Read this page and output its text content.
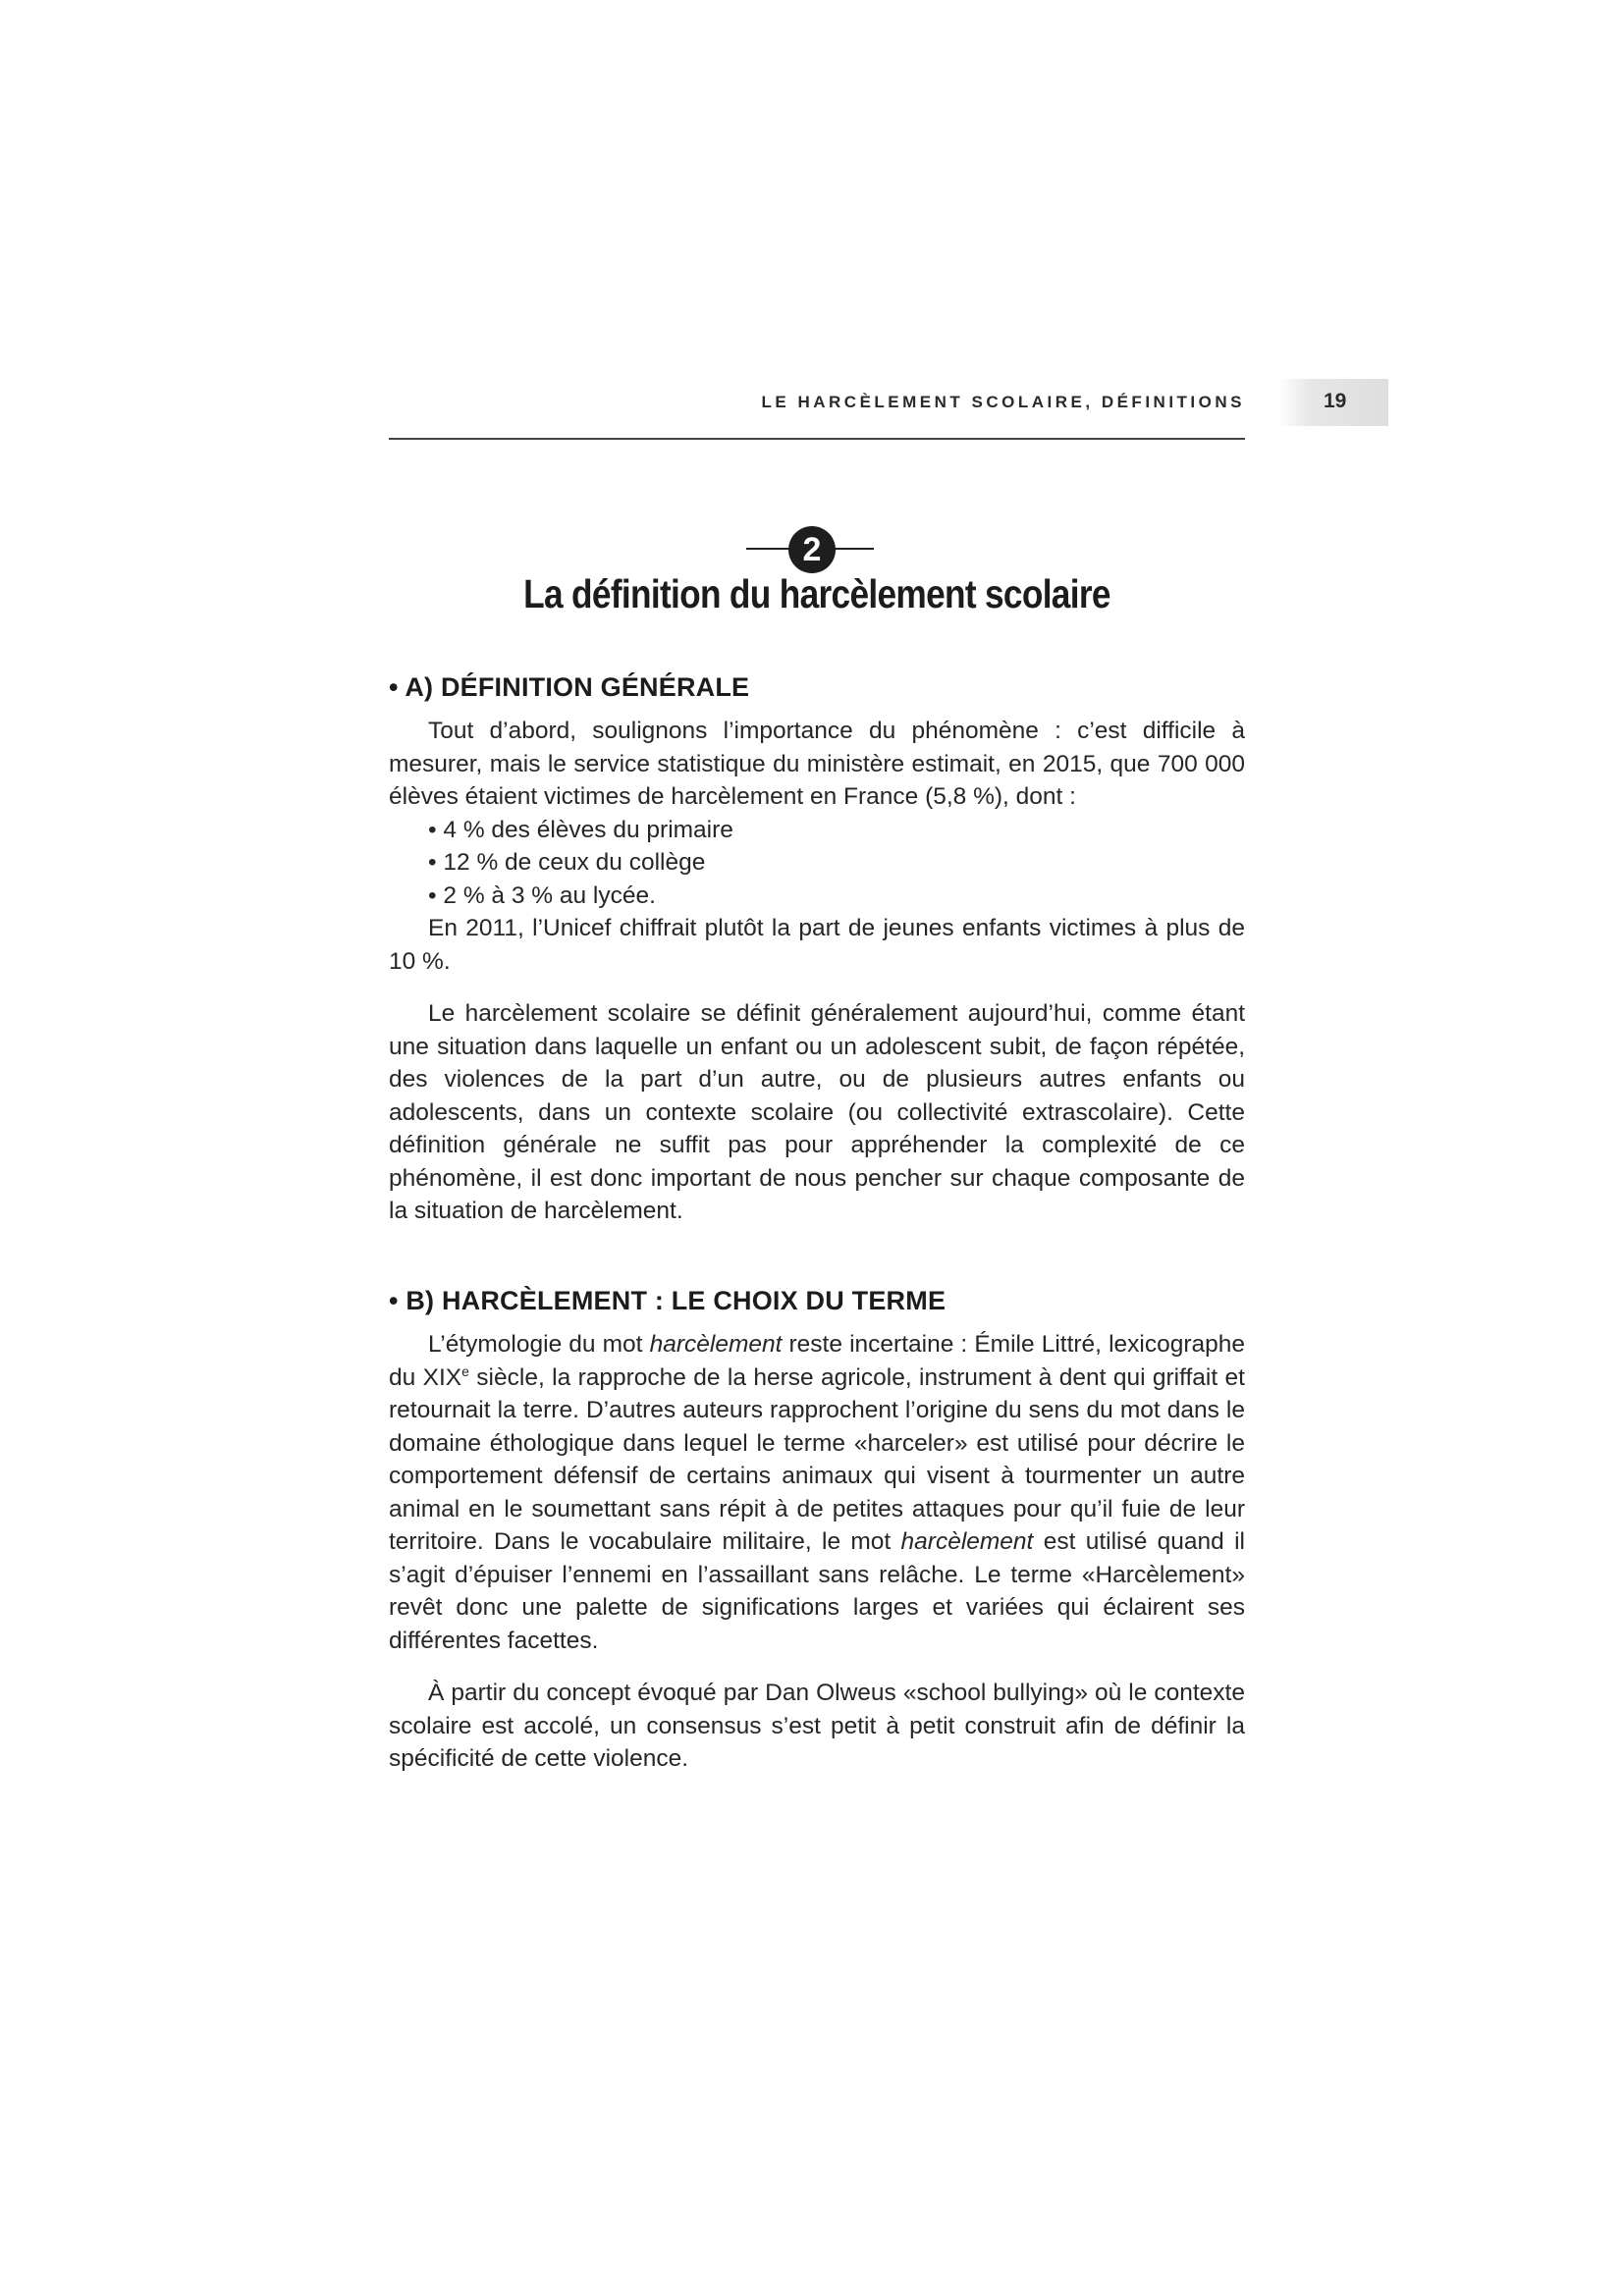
LE HARCÈLEMENT SCOLAIRE, DÉFINITIONS	19
2
La définition du harcèlement scolaire
• A) DÉFINITION GÉNÉRALE

Tout d’abord, soulignons l’importance du phénomène : c’est difficile à mesurer, mais le service statistique du ministère estimait, en 2015, que 700 000 élèves étaient victimes de harcèlement en France (5,8 %), dont :

• 4 % des élèves du primaire
• 12 % de ceux du collège
• 2 % à 3 % au lycée.

En 2011, l’Unicef chiffrait plutôt la part de jeunes enfants victimes à plus de 10 %.

Le harcèlement scolaire se définit généralement aujourd’hui, comme étant une situation dans laquelle un enfant ou un adolescent subit, de façon répétée, des violences de la part d’un autre, ou de plusieurs autres enfants ou adolescents, dans un contexte scolaire (ou collectivité extrascolaire). Cette définition générale ne suffit pas pour appréhender la complexité de ce phénomène, il est donc important de nous pencher sur chaque composante de la situation de harcèlement.

• B) HARCÈLEMENT : LE CHOIX DU TERME

L’étymologie du mot harcèlement reste incertaine : Émile Littré, lexicographe du XIXe siècle, la rapproche de la herse agricole, instrument à dent qui griffait et retournait la terre. D’autres auteurs rapprochent l’origine du sens du mot dans le domaine éthologique dans lequel le terme «harceler» est utilisé pour décrire le comportement défensif de certains animaux qui visent à tourmenter un autre animal en le soumettant sans répit à de petites attaques pour qu’il fuie de leur territoire. Dans le vocabulaire militaire, le mot harcèlement est utilisé quand il s’agit d’épuiser l’ennemi en l’assaillant sans relâche. Le terme «Harcèlement» revêt donc une palette de significations larges et variées qui éclairent ses différentes facettes.

À partir du concept évoqué par Dan Olweus «school bullying» où le contexte scolaire est accolé, un consensus s’est petit à petit construit afin de définir la spécificité de cette violence.
